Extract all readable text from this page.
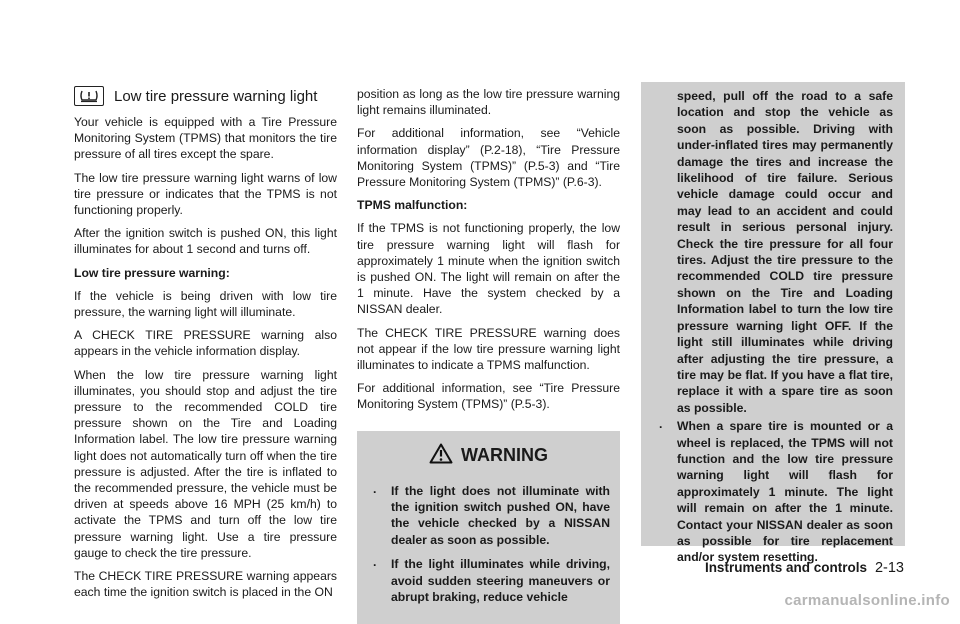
Low tire pressure warning light

Your vehicle is equipped with a Tire Pressure Monitoring System (TPMS) that monitors the tire pressure of all tires except the spare.

The low tire pressure warning light warns of low tire pressure or indicates that the TPMS is not functioning properly.

After the ignition switch is pushed ON, this light illuminates for about 1 second and turns off.

Low tire pressure warning:

If the vehicle is being driven with low tire pressure, the warning light will illuminate.

A CHECK TIRE PRESSURE warning also appears in the vehicle information display.

When the low tire pressure warning light illuminates, you should stop and adjust the tire pressure to the recommended COLD tire pressure shown on the Tire and Loading Information label. The low tire pressure warning light does not automatically turn off when the tire pressure is adjusted. After the tire is inflated to the recommended pressure, the vehicle must be driven at speeds above 16 MPH (25 km/h) to activate the TPMS and turn off the low tire pressure warning light. Use a tire pressure gauge to check the tire pressure.

The CHECK TIRE PRESSURE warning appears each time the ignition switch is placed in the ON

position as long as the low tire pressure warning light remains illuminated.

For additional information, see “Vehicle information display” (P.2-18), “Tire Pressure Monitoring System (TPMS)” (P.5-3) and “Tire Pressure Monitoring System (TPMS)” (P.6-3).

TPMS malfunction:

If the TPMS is not functioning properly, the low tire pressure warning light will flash for approximately 1 minute when the ignition switch is pushed ON. The light will remain on after the 1 minute. Have the system checked by a NISSAN dealer.

The CHECK TIRE PRESSURE warning does not appear if the low tire pressure warning light illuminates to indicate a TPMS malfunction.

For additional information, see “Tire Pressure Monitoring System (TPMS)” (P.5-3).

WARNING
. If the light does not illuminate with the ignition switch pushed ON, have the vehicle checked by a NISSAN dealer as soon as possible.
. If the light illuminates while driving, avoid sudden steering maneuvers or abrupt braking, reduce vehicle

speed, pull off the road to a safe location and stop the vehicle as soon as possible. Driving with under-inflated tires may permanently damage the tires and increase the likelihood of tire failure. Serious vehicle damage could occur and may lead to an accident and could result in serious personal injury. Check the tire pressure for all four tires. Adjust the tire pressure to the recommended COLD tire pressure shown on the Tire and Loading Information label to turn the low tire pressure warning light OFF. If the light still illuminates while driving after adjusting the tire pressure, a tire may be flat. If you have a flat tire, replace it with a spare tire as soon as possible.

. When a spare tire is mounted or a wheel is replaced, the TPMS will not function and the low tire pressure warning light will flash for approximately 1 minute. The light will remain on after the 1 minute. Contact your NISSAN dealer as soon as possible for tire replacement and/or system resetting.
Instruments and controls 2-13
carmanualsonline.info
